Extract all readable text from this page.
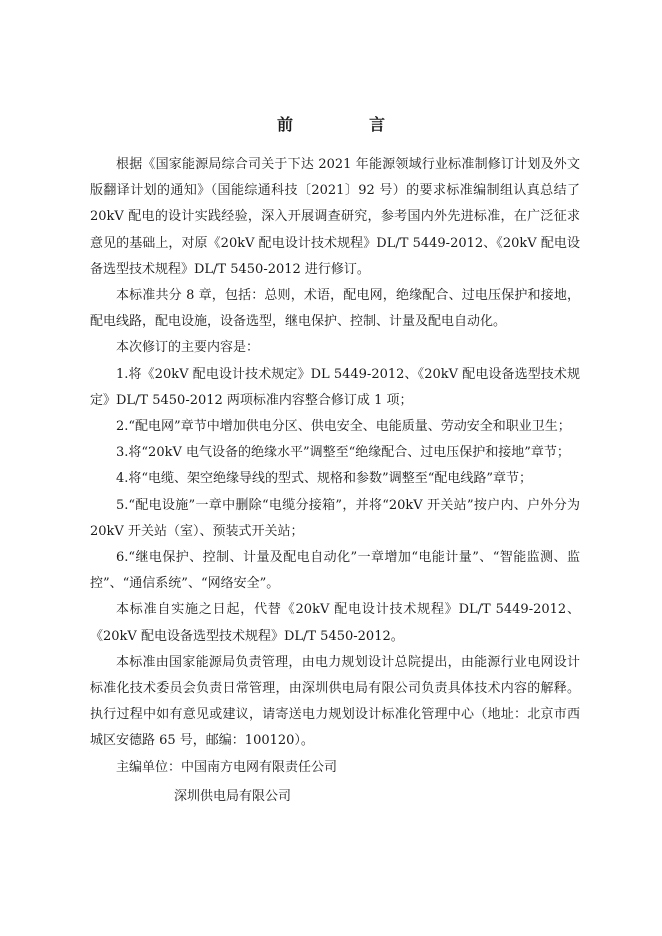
前　言

根据《国家能源局综合司关于下达 2021 年能源领域行业标准制修订计划及外文版翻译计划的通知》（国能综通科技〔2021〕92 号）的要求标准编制组认真总结了 20kV 配电的设计实践经验，深入开展调查研究，参考国内外先进标准，在广泛征求意见的基础上，对原《20kV 配电设计技术规程》DL/T 5449-2012、《20kV 配电设备选型技术规程》DL/T 5450-2012 进行修订。

本标准共分 8 章，包括：总则，术语，配电网，绝缘配合、过电压保护和接地，配电线路，配电设施，设备选型，继电保护、控制、计量及配电自动化。

本次修订的主要内容是：

1.将《20kV 配电设计技术规定》DL 5449-2012、《20kV 配电设备选型技术规定》DL/T 5450-2012 两项标准内容整合修订成 1 项；

2.“配电网”章节中增加供电分区、供电安全、电能质量、劳动安全和职业卫生；

3.将“20kV 电气设备的绝缘水平”调整至“绝缘配合、过电压保护和接地”章节；

4.将“电缆、架空绝缘导线的型式、规格和参数”调整至“配电线路”章节；

5.“配电设施”一章中删除“电缆分接箱”，并将“20kV 开关站”按户内、户外分为 20kV 开关站（室）、预装式开关站；

6.“继电保护、控制、计量及配电自动化”一章增加“电能计量”、“智能监测、监控”、“通信系统”、“网络安全”。

本标准自实施之日起，代替《20kV 配电设计技术规程》DL/T 5449-2012、《20kV 配电设备选型技术规程》DL/T 5450-2012。

本标准由国家能源局负责管理，由电力规划设计总院提出，由能源行业电网设计标准化技术委员会负责日常管理，由深圳供电局有限公司负责具体技术内容的解释。执行过程中如有意见或建议，请寄送电力规划设计标准化管理中心（地址：北京市西城区安德路 65 号，邮编：100120）。

主编单位：中国南方电网有限责任公司

深圳供电局有限公司
